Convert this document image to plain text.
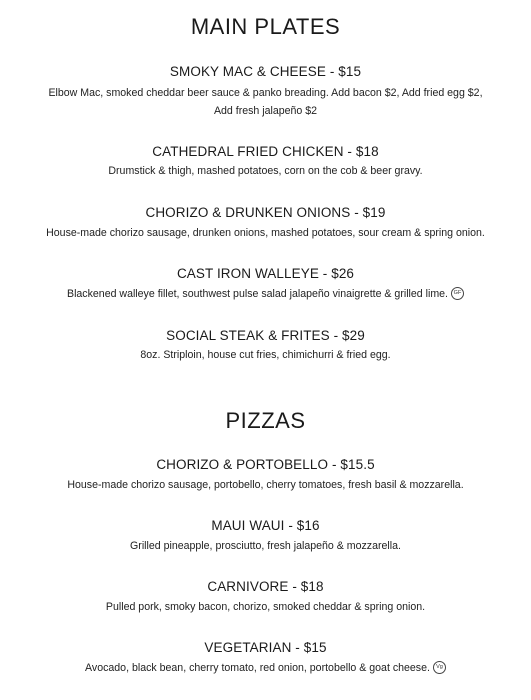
MAIN PLATES

SMOKY MAC & CHEESE - $15

Elbow Mac, smoked cheddar beer sauce & panko breading. Add bacon $2, Add fried egg $2,

Add fresh jalapeño $2

CATHEDRAL FRIED CHICKEN - $18

Drumstick & thigh, mashed potatoes, corn on the cob & beer gravy.

CHORIZO & DRUNKEN ONIONS - $19

House-made chorizo sausage, drunken onions, mashed potatoes, sour cream & spring onion.

CAST IRON WALLEYE - $26

Blackened walleye fillet, southwest pulse salad jalapeño vinaigrette & grilled lime. GF

SOCIAL STEAK & FRITES - $29

8oz. Striploin, house cut fries, chimichurri & fried egg.

PIZZAS

CHORIZO & PORTOBELLO - $15.5

House-made chorizo sausage, portobello, cherry tomatoes, fresh basil & mozzarella.

MAUI WAUI - $16

Grilled pineapple, prosciutto, fresh jalapeño & mozzarella.

CARNIVORE - $18

Pulled pork, smoky bacon, chorizo, smoked cheddar & spring onion.

VEGETARIAN - $15

Avocado, black bean, cherry tomato, red onion, portobello & goat cheese. Vg
